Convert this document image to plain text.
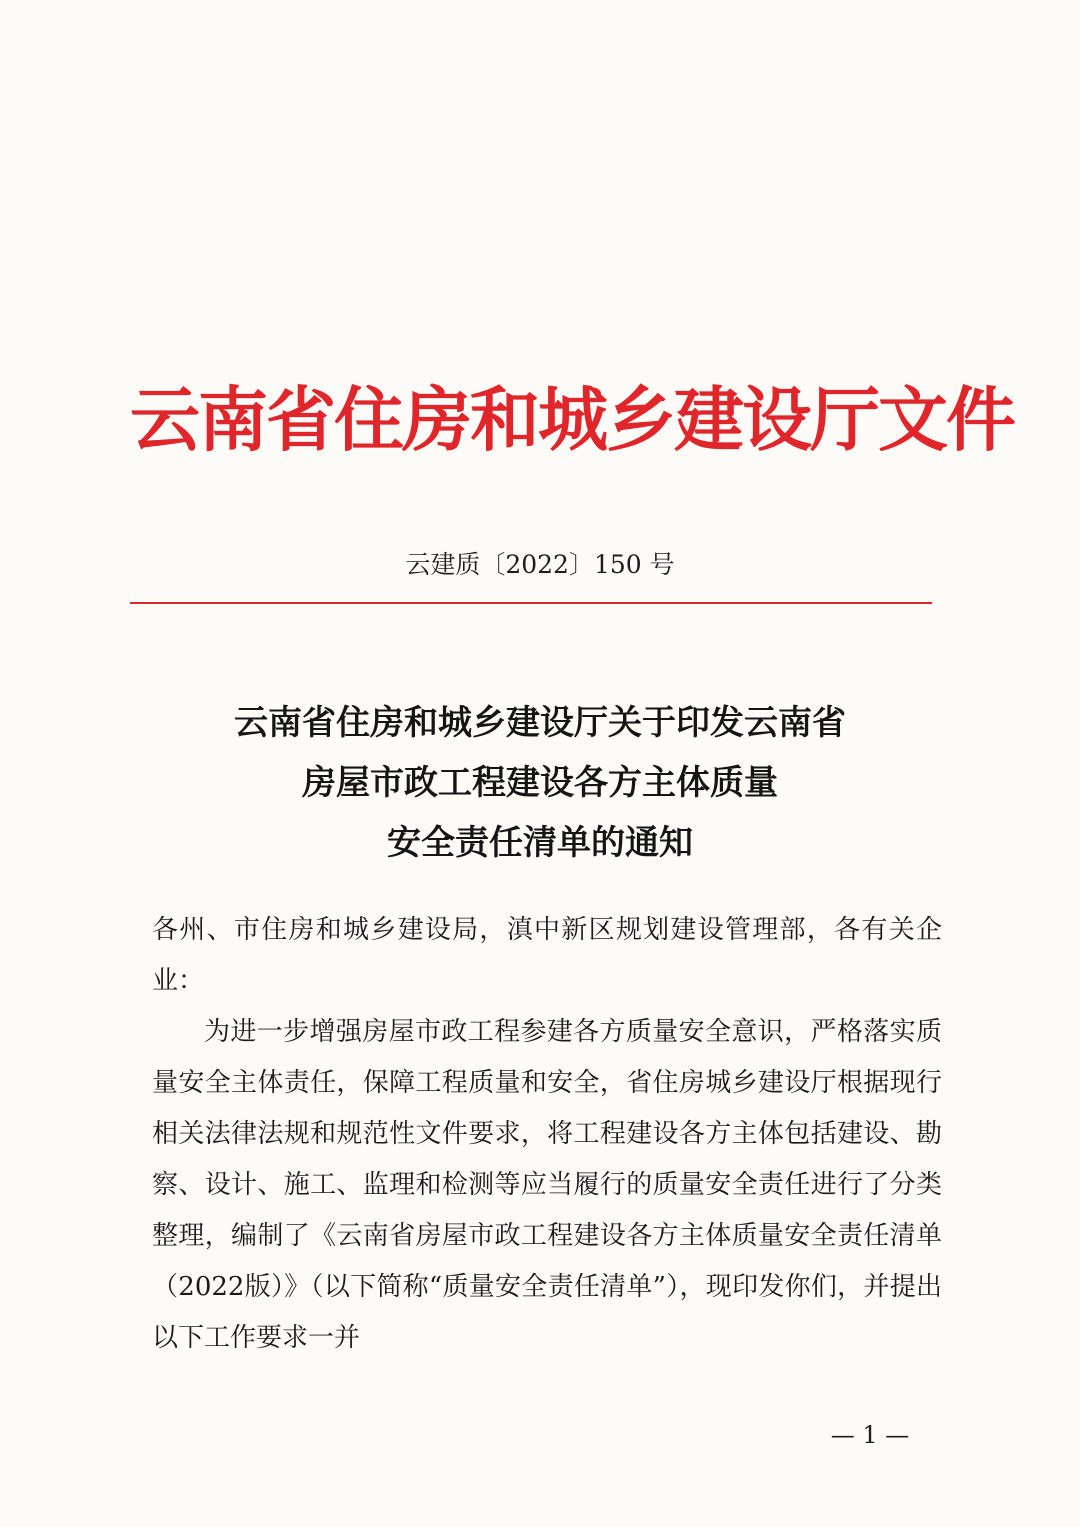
云南省住房和城乡建设厅文件
云建质〔2022〕150 号
云南省住房和城乡建设厅关于印发云南省
房屋市政工程建设各方主体质量
安全责任清单的通知

各州、市住房和城乡建设局，滇中新区规划建设管理部，各有关企业：

为进一步增强房屋市政工程参建各方质量安全意识，严格落实质量安全主体责任，保障工程质量和安全，省住房城乡建设厅根据现行相关法律法规和规范性文件要求，将工程建设各方主体包括建设、勘察、设计、施工、监理和检测等应当履行的质量安全责任进行了分类整理，编制了《云南省房屋市政工程建设各方主体质量安全责任清单（2022版）》（以下简称“质量安全责任清单”），现印发你们，并提出以下工作要求一并

— 1 —
